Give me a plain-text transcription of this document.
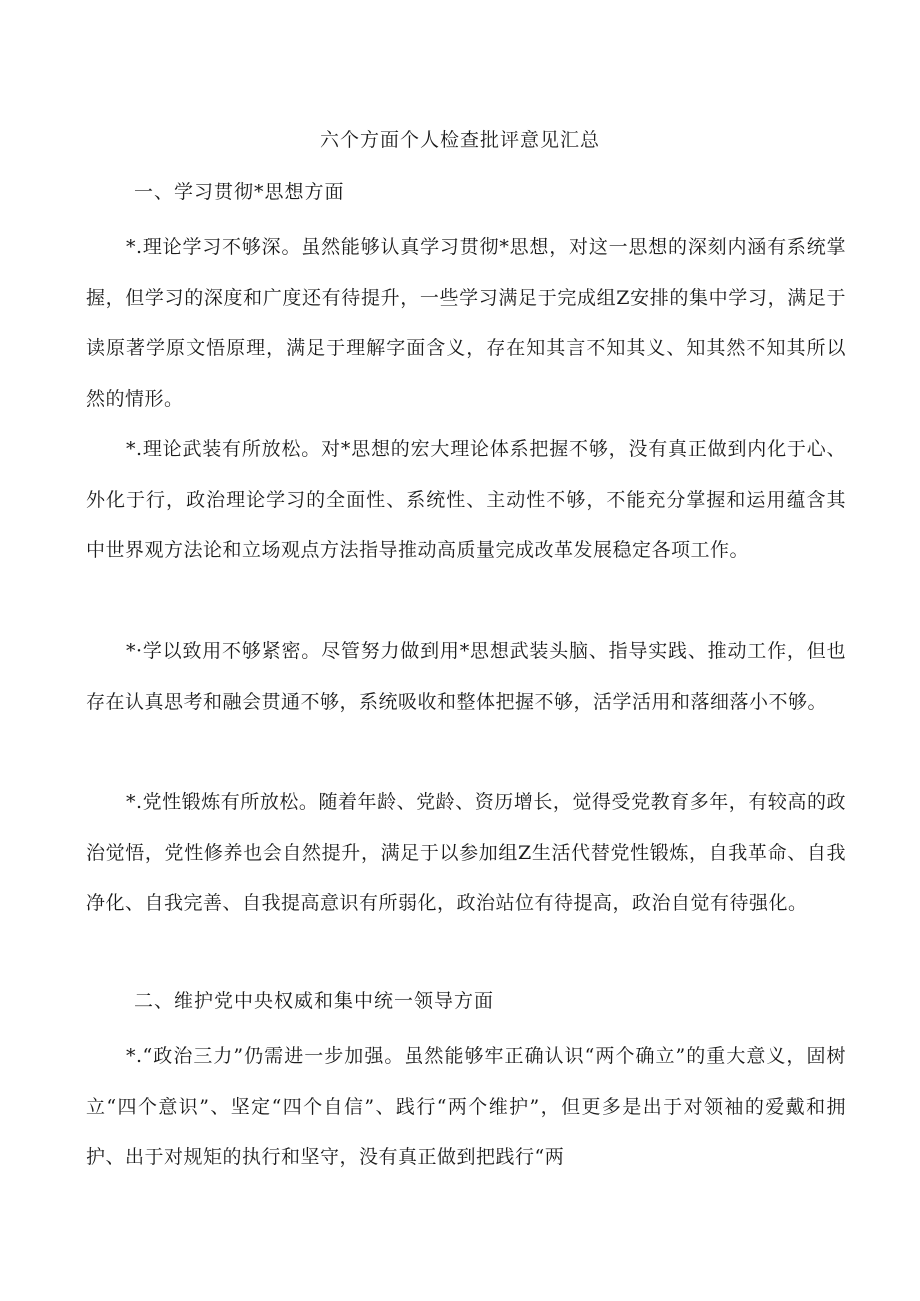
六个方面个人检查批评意见汇总
一、学习贯彻*思想方面

*.理论学习不够深。虽然能够认真学习贯彻*思想，对这一思想的深刻内涵有系统掌握，但学习的深度和广度还有待提升，一些学习满足于完成组Z安排的集中学习，满足于读原著学原文悟原理，满足于理解字面含义，存在知其言不知其义、知其然不知其所以然的情形。

*.理论武装有所放松。对*思想的宏大理论体系把握不够，没有真正做到内化于心、外化于行，政治理论学习的全面性、系统性、主动性不够，不能充分掌握和运用蕴含其中世界观方法论和立场观点方法指导推动高质量完成改革发展稳定各项工作。

*·学以致用不够紧密。尽管努力做到用*思想武装头脑、指导实践、推动工作，但也存在认真思考和融会贯通不够，系统吸收和整体把握不够，活学活用和落细落小不够。

*.党性锻炼有所放松。随着年龄、党龄、资历增长，觉得受党教育多年，有较高的政治觉悟，党性修养也会自然提升，满足于以参加组Z生活代替党性锻炼，自我革命、自我净化、自我完善、自我提高意识有所弱化，政治站位有待提高，政治自觉有待强化。

二、维护党中央权威和集中统一领导方面

*.“政治三力”仍需进一步加强。虽然能够牢正确认识“两个确立”的重大意义，固树立“四个意识”、坚定“四个自信”、践行“两个维护”，但更多是出于对领袖的爱戴和拥护、出于对规矩的执行和坚守，没有真正做到把践行“两
